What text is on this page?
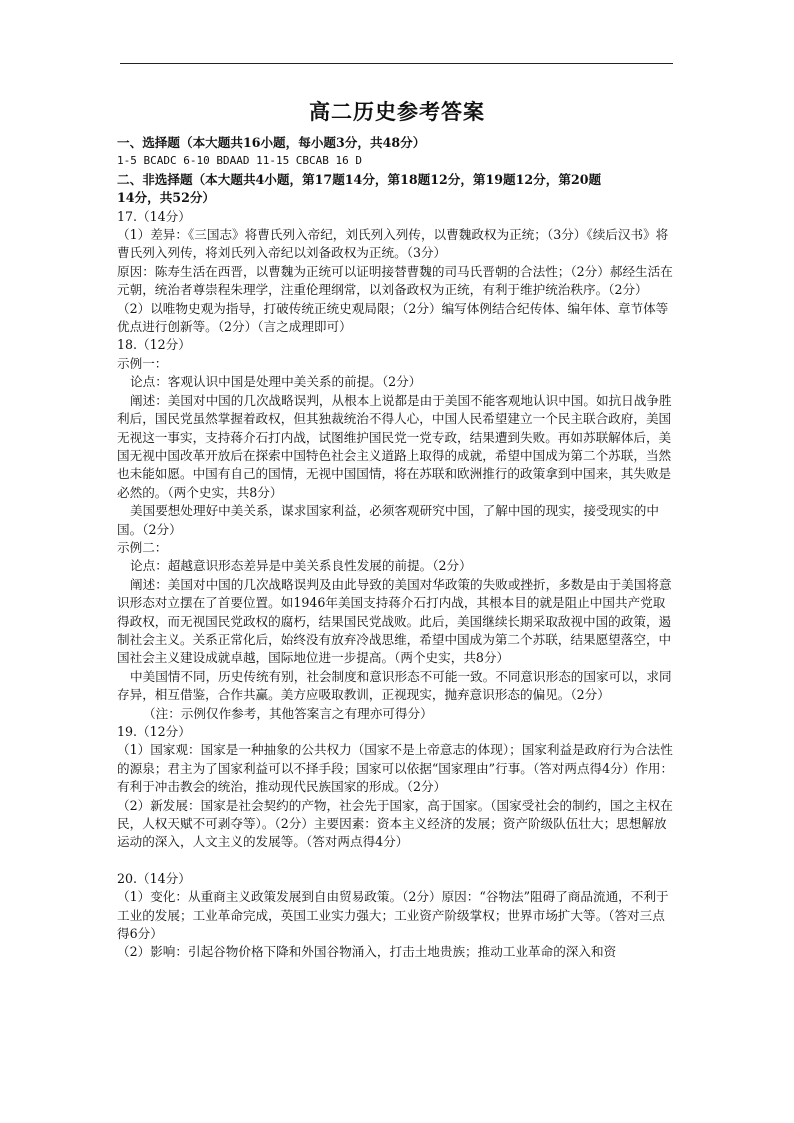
高二历史参考答案

一、选择题（本大题共16小题，每小题3分，共48分）

1-5 BCADC 6-10 BDAAD 11-15 CBCAB 16 D

二、非选择题（本大题共4小题，第17题14分，第18题12分，第19题12分，第20题

14分，共52分）

17.（14分）

（1）差异：《三国志》将曹氏列入帝纪，刘氏列入列传，以曹魏政权为正统；（3分）《续后汉书》将曹氏列入列传，将刘氏列入帝纪以刘备政权为正统。（3分）

原因：陈寿生活在西晋，以曹魏为正统可以证明接替曹魏的司马氏晋朝的合法性；（2分）郝经生活在元朝，统治者尊崇程朱理学，注重伦理纲常，以刘备政权为正统，有利于维护统治秩序。（2分）

（2）以唯物史观为指导，打破传统正统史观局限；（2分）编写体例结合纪传体、编年体、章节体等优点进行创新等。（2分）（言之成理即可）

18.（12分）

示例一：

论点：客观认识中国是处理中美关系的前提。（2分）

阐述：美国对中国的几次战略误判，从根本上说都是由于美国不能客观地认识中国。如抗日战争胜利后，国民党虽然掌握着政权，但其独裁统治不得人心，中国人民希望建立一个民主联合政府，美国无视这一事实，支持蒋介石打内战，试图维护国民党一党专政，结果遭到失败。再如苏联解体后，美国无视中国改革开放后在探索中国特色社会主义道路上取得的成就，希望中国成为第二个苏联，当然也未能如愿。中国有自己的国情，无视中国国情，将在苏联和欧洲推行的政策拿到中国来，其失败是必然的。（两个史实，共8分）

美国要想处理好中美关系，谋求国家利益，必须客观研究中国，了解中国的现实，接受现实的中国。（2分）

示例二：

论点：超越意识形态差异是中美关系良性发展的前提。（2分）

阐述：美国对中国的几次战略误判及由此导致的美国对华政策的失败或挫折，多数是由于美国将意识形态对立摆在了首要位置。如1946年美国支持蒋介石打内战，其根本目的就是阻止中国共产党取得政权，而无视国民党政权的腐朽，结果国民党战败。此后，美国继续长期采取敌视中国的政策，遏制社会主义。关系正常化后，始终没有放弃冷战思维，希望中国成为第二个苏联，结果愿望落空，中国社会主义建设成就卓越，国际地位进一步提高。（两个史实，共8分）

中美国情不同，历史传统有别，社会制度和意识形态不可能一致。不同意识形态的国家可以，求同存异，相互借鉴，合作共赢。美方应吸取教训，正视现实，抛弃意识形态的偏见。（2分）

（注：示例仅作参考，其他答案言之有理亦可得分）

19.（12分）

（1）国家观：国家是一种抽象的公共权力（国家不是上帝意志的体现）；国家利益是政府行为合法性的源泉；君主为了国家利益可以不择手段；国家可以依据“国家理由”行事。（答对两点得4分）作用：有利于冲击教会的统治，推动现代民族国家的形成。（2分）

（2）新发展：国家是社会契约的产物，社会先于国家，高于国家。（国家受社会的制约，国之主权在民，人权天赋不可剥夺等）。（2分）主要因素：资本主义经济的发展；资产阶级队伍壮大；思想解放运动的深入，人文主义的发展等。（答对两点得4分）

20.（14分）

（1）变化：从重商主义政策发展到自由贸易政策。（2分）原因：“谷物法”阻碍了商品流通，不利于工业的发展；工业革命完成，英国工业实力强大；工业资产阶级掌权；世界市场扩大等。（答对三点得6分）

（2）影响：引起谷物价格下降和外国谷物涌入，打击土地贵族；推动工业革命的深入和资
